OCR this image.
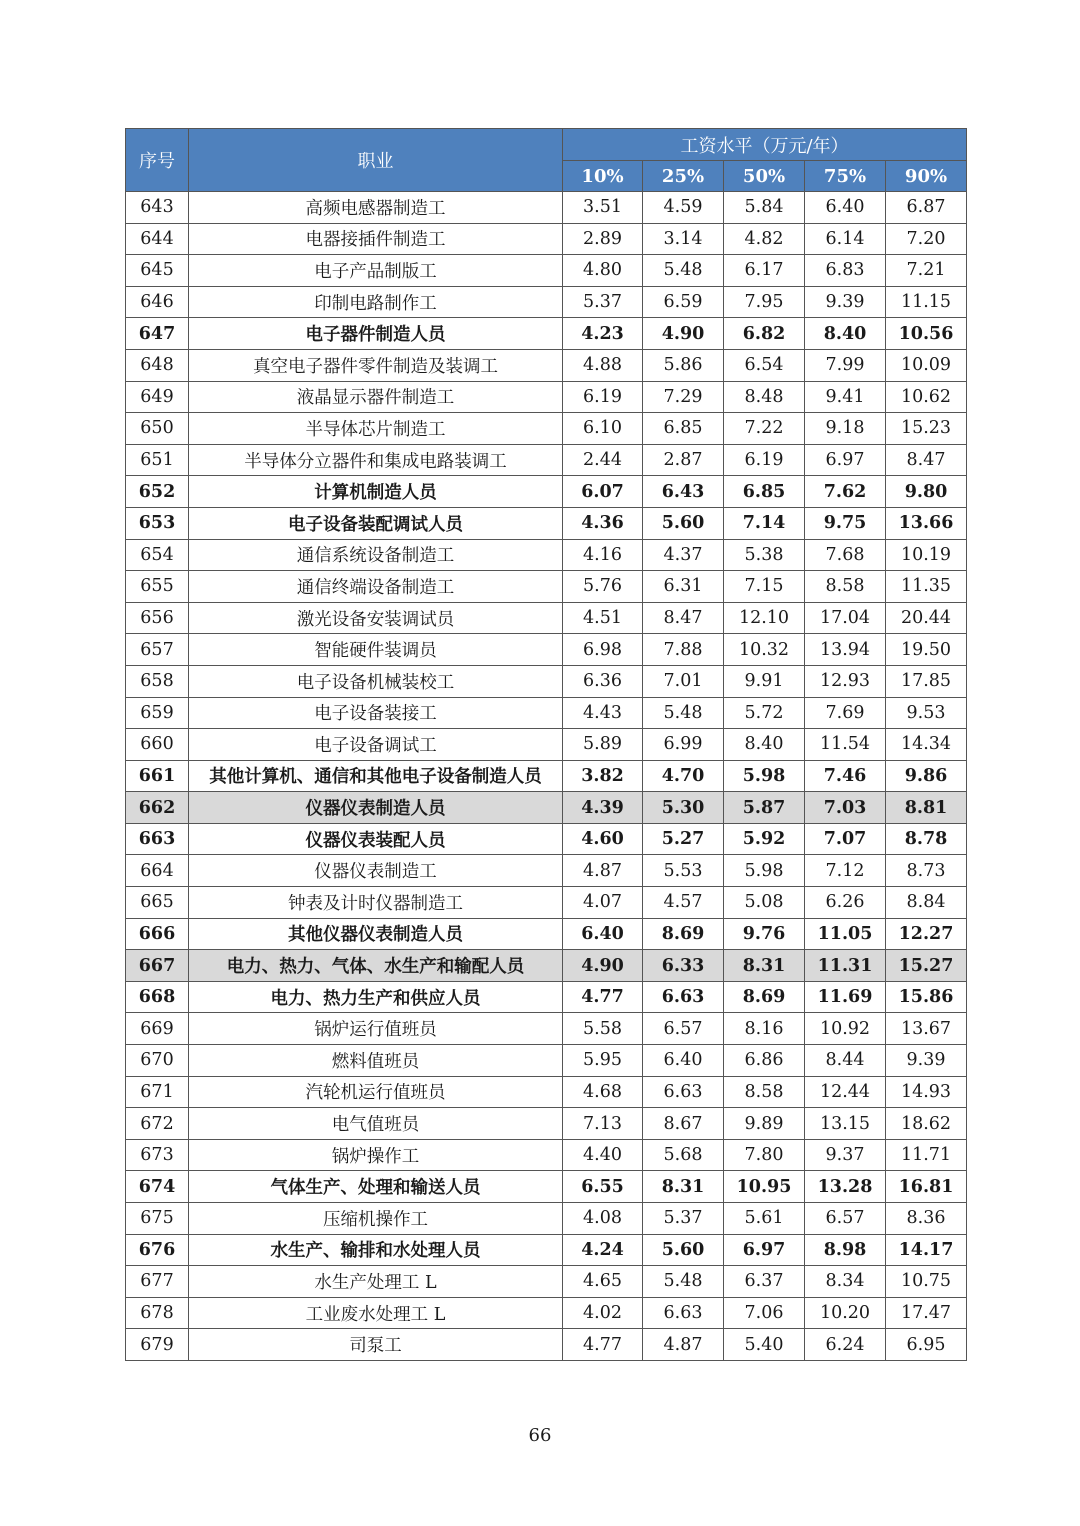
序号	职业	工资水平（万元/年）				
		10%	25%	50%	75%	90%
643	高频电感器制造工	3.51	4.59	5.84	6.40	6.87
644	电器接插件制造工	2.89	3.14	4.82	6.14	7.20
645	电子产品制版工	4.80	5.48	6.17	6.83	7.21
646	印制电路制作工	5.37	6.59	7.95	9.39	11.15
647	电子器件制造人员	4.23	4.90	6.82	8.40	10.56
648	真空电子器件零件制造及装调工	4.88	5.86	6.54	7.99	10.09
649	液晶显示器件制造工	6.19	7.29	8.48	9.41	10.62
650	半导体芯片制造工	6.10	6.85	7.22	9.18	15.23
651	半导体分立器件和集成电路装调工	2.44	2.87	6.19	6.97	8.47
652	计算机制造人员	6.07	6.43	6.85	7.62	9.80
653	电子设备装配调试人员	4.36	5.60	7.14	9.75	13.66
654	通信系统设备制造工	4.16	4.37	5.38	7.68	10.19
655	通信终端设备制造工	5.76	6.31	7.15	8.58	11.35
656	激光设备安装调试员	4.51	8.47	12.10	17.04	20.44
657	智能硬件装调员	6.98	7.88	10.32	13.94	19.50
658	电子设备机械装校工	6.36	7.01	9.91	12.93	17.85
659	电子设备装接工	4.43	5.48	5.72	7.69	9.53
660	电子设备调试工	5.89	6.99	8.40	11.54	14.34
661	其他计算机、通信和其他电子设备制造人员	3.82	4.70	5.98	7.46	9.86
662	仪器仪表制造人员	4.39	5.30	5.87	7.03	8.81
663	仪器仪表装配人员	4.60	5.27	5.92	7.07	8.78
664	仪器仪表制造工	4.87	5.53	5.98	7.12	8.73
665	钟表及计时仪器制造工	4.07	4.57	5.08	6.26	8.84
666	其他仪器仪表制造人员	6.40	8.69	9.76	11.05	12.27
667	电力、热力、气体、水生产和输配人员	4.90	6.33	8.31	11.31	15.27
668	电力、热力生产和供应人员	4.77	6.63	8.69	11.69	15.86
669	锅炉运行值班员	5.58	6.57	8.16	10.92	13.67
670	燃料值班员	5.95	6.40	6.86	8.44	9.39
671	汽轮机运行值班员	4.68	6.63	8.58	12.44	14.93
672	电气值班员	7.13	8.67	9.89	13.15	18.62
673	锅炉操作工	4.40	5.68	7.80	9.37	11.71
674	气体生产、处理和输送人员	6.55	8.31	10.95	13.28	16.81
675	压缩机操作工	4.08	5.37	5.61	6.57	8.36
676	水生产、输排和水处理人员	4.24	5.60	6.97	8.98	14.17
677	水生产处理工 L	4.65	5.48	6.37	8.34	10.75
678	工业废水处理工 L	4.02	6.63	7.06	10.20	17.47
679	司泵工	4.77	4.87	5.40	6.24	6.95
66
